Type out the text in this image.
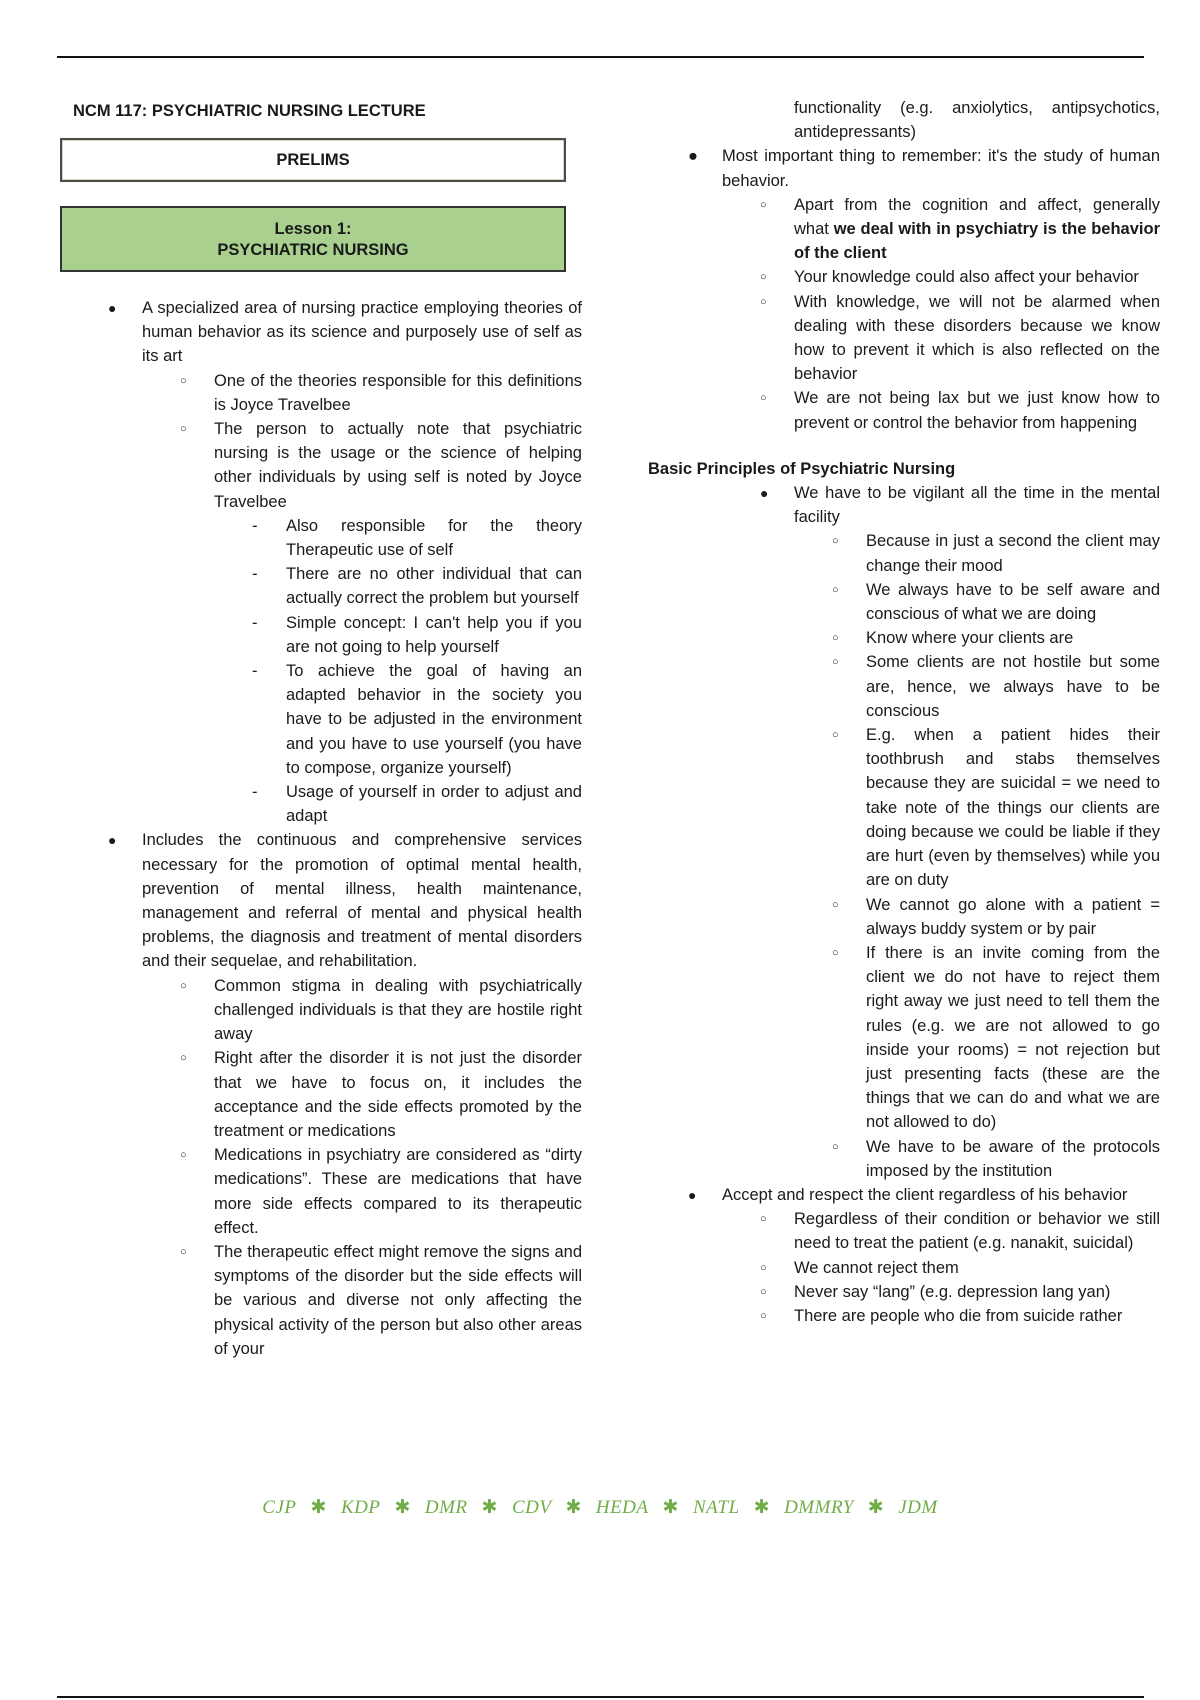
NCM 117: PSYCHIATRIC NURSING LECTURE
PRELIMS
Lesson 1:
PSYCHIATRIC NURSING
● A specialized area of nursing practice employing theories of human behavior as its science and purposely use of self as its art
○ One of the theories responsible for this definitions is Joyce Travelbee
○ The person to actually note that psychiatric nursing is the usage or the science of helping other individuals by using self is noted by Joyce Travelbee
- Also responsible for the theory Therapeutic use of self
- There are no other individual that can actually correct the problem but yourself
- Simple concept: I can't help you if you are not going to help yourself
- To achieve the goal of having an adapted behavior in the society you have to be adjusted in the environment and you have to use yourself (you have to compose, organize yourself)
- Usage of yourself in order to adjust and adapt
● Includes the continuous and comprehensive services necessary for the promotion of optimal mental health, prevention of mental illness, health maintenance, management and referral of mental and physical health problems, the diagnosis and treatment of mental disorders and their sequelae, and rehabilitation.
○ Common stigma in dealing with psychiatrically challenged individuals is that they are hostile right away
○ Right after the disorder it is not just the disorder that we have to focus on, it includes the acceptance and the side effects promoted by the treatment or medications
○ Medications in psychiatry are considered as “dirty medications”. These are medications that have more side effects compared to its therapeutic effect.
○ The therapeutic effect might remove the signs and symptoms of the disorder but the side effects will be various and diverse not only affecting the physical activity of the person but also other areas of your
functionality (e.g. anxiolytics, antipsychotics, antidepressants)
● Most important thing to remember: it's the study of human behavior.
○ Apart from the cognition and affect, generally what we deal with in psychiatry is the behavior of the client
○ Your knowledge could also affect your behavior
○ With knowledge, we will not be alarmed when dealing with these disorders because we know how to prevent it which is also reflected on the behavior
○ We are not being lax but we just know how to prevent or control the behavior from happening
Basic Principles of Psychiatric Nursing
● We have to be vigilant all the time in the mental facility
○ Because in just a second the client may change their mood
○ We always have to be self aware and conscious of what we are doing
○ Know where your clients are
○ Some clients are not hostile but some are, hence, we always have to be conscious
○ E.g. when a patient hides their toothbrush and stabs themselves because they are suicidal = we need to take note of the things our clients are doing because we could be liable if they are hurt (even by themselves) while you are on duty
○ We cannot go alone with a patient = always buddy system or by pair
○ If there is an invite coming from the client we do not have to reject them right away we just need to tell them the rules (e.g. we are not allowed to go inside your rooms) = not rejection but just presenting facts (these are the things that we can do and what we are not allowed to do)
○ We have to be aware of the protocols imposed by the institution
● Accept and respect the client regardless of his behavior
○ Regardless of their condition or behavior we still need to treat the patient (e.g. nanakit, suicidal)
○ We cannot reject them
○ Never say “lang” (e.g. depression lang yan)
○ There are people who die from suicide rather
CJP ✱ KDP ✱ DMR ✱ CDV ✱ HEDA ✱ NATL ✱ DMMRY ✱ JDM
